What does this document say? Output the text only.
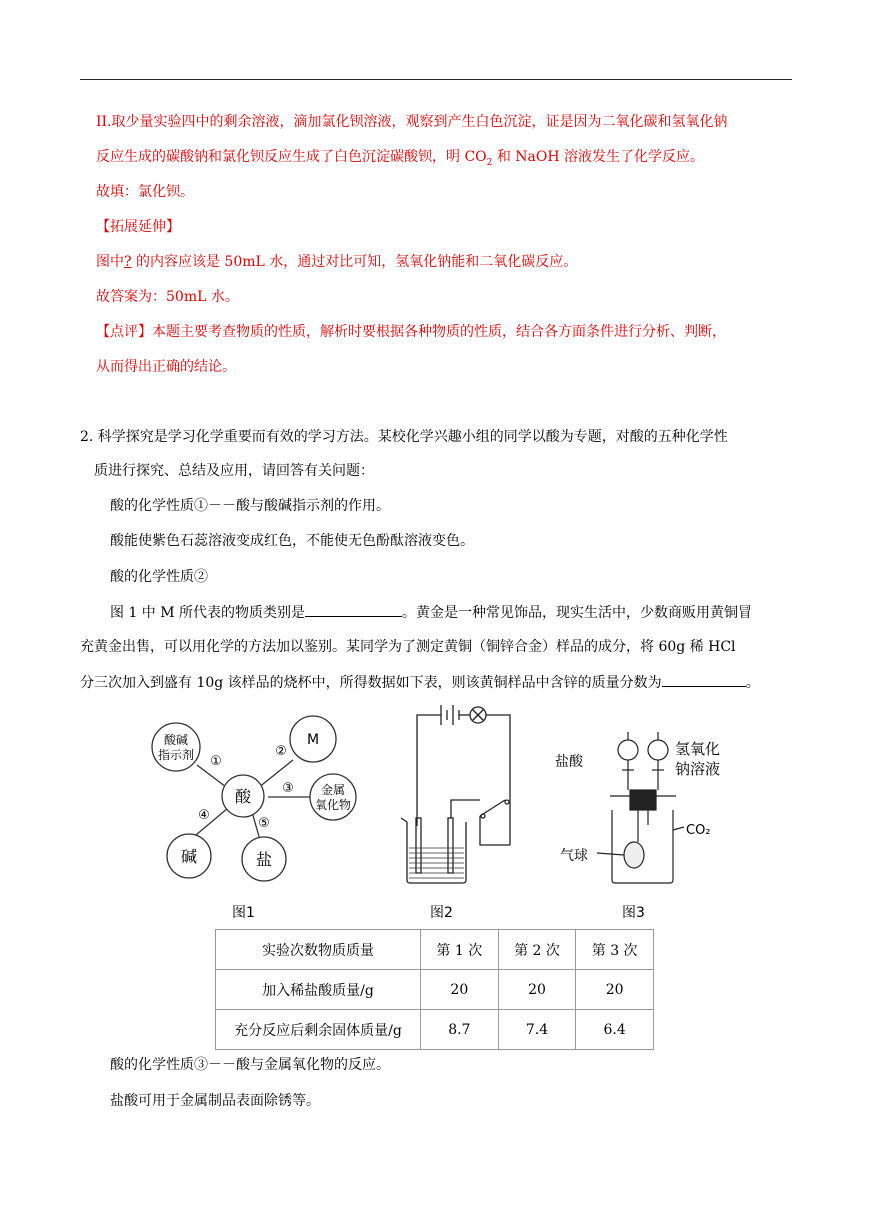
II.取少量实验四中的剩余溶液，滴加氯化钡溶液，观察到产生白色沉淀，证是因为二氧化碳和氢氧化钠
反应生成的碳酸钠和氯化钡反应生成了白色沉淀碳酸钡，明 $CO_2$ 和 NaOH 溶液发生了化学反应。
故填：氯化钡。
【拓展延伸】
图中? 的内容应该是 50mL 水，通过对比可知，氢氧化钠能和二氧化碳反应。
故答案为：50mL 水。
【点评】本题主要考查物质的性质，解析时要根据各种物质的性质，结合各方面条件进行分析、判断，
从而得出正确的结论。
2. 科学探究是学习化学重要而有效的学习方法。某校化学兴趣小组的同学以酸为专题，对酸的五种化学性
质进行探究、总结及应用，请回答有关问题：
酸的化学性质①－－酸与酸碱指示剂的作用。
酸能使紫色石蕊溶液变成红色，不能使无色酚酞溶液变色。
酸的化学性质②
图 1 中 M 所代表的物质类别是	。黄金是一种常见饰品，现实生活中，少数商贩用黄铜冒
充黄金出售，可以用化学的方法加以鉴别。某同学为了测定黄铜（铜锌合金）样品的成分，将 60g 稀 HCl
分三次加入到盛有 10g 该样品的烧杯中，所得数据如下表，则该黄铜样品中含锌的质量分数为	。
酸碱
指示剂
M
酸	金属
氧化物
碱	盐
①
②
③
④
⑤
盐酸
氢氧化
钠溶液
CO₂
气球
图1	图2	图3
实验次数物质质量	第 1 次	第 2 次	第 3 次
加入稀盐酸质量/g	20	20	20
充分反应后剩余固体质量/g	8.7	7.4	6.4
酸的化学性质③－－酸与金属氧化物的反应。
盐酸可用于金属制品表面除锈等。
